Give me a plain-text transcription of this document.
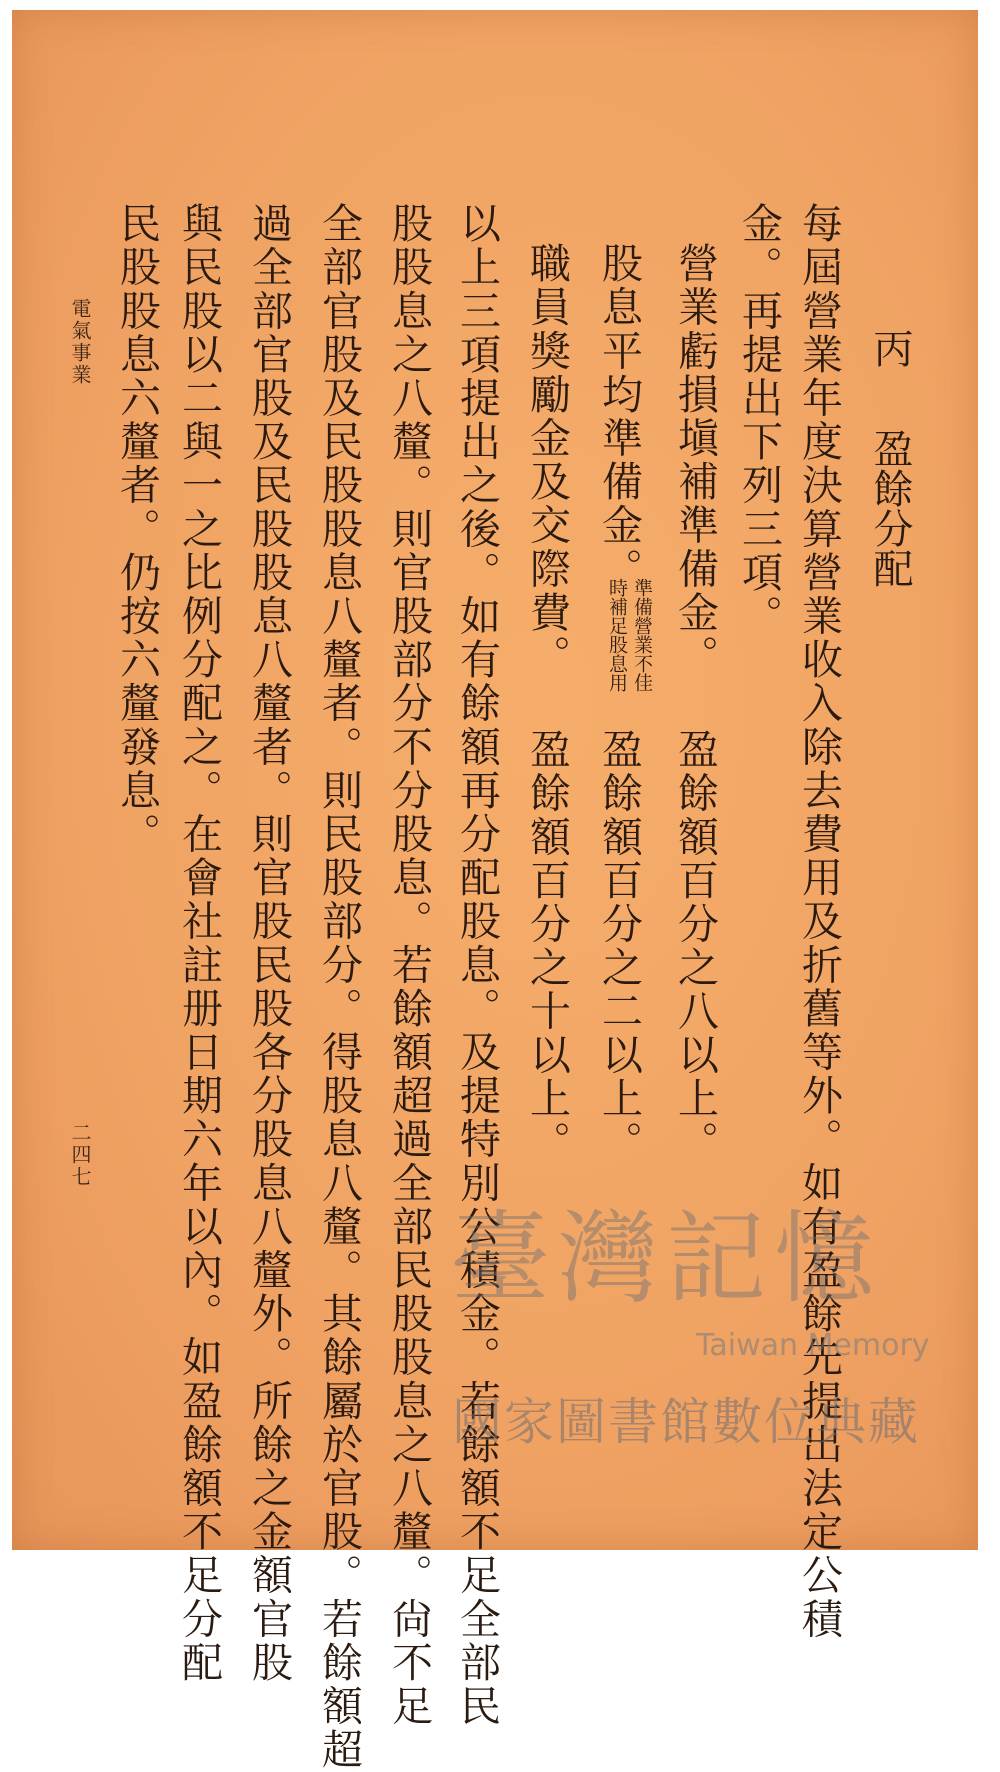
丙盈餘分配
每屆營業年度決算營業收入除去費用及折舊等外。如有盈餘先提出法定公積
金。再提出下列三項。
營業虧損塡補準備金。
盈餘額百分之八以上。
股息平均準備金。
準備營業不佳
時補足股息用
盈餘額百分之二以上。
職員獎勵金及交際費。
盈餘額百分之十以上。
以上三項提出之後。如有餘額再分配股息。及提特別公積金。若餘額不足全部民
股股息之八釐。則官股部分不分股息。若餘額超過全部民股股息之八釐。尙不足
全部官股及民股股息八釐者。則民股部分。得股息八釐。其餘屬於官股。若餘額超
過全部官股及民股股息八釐者。則官股民股各分股息八釐外。所餘之金額官股
與民股以二與一之比例分配之。在會社註册日期六年以內。如盈餘額不足分配
民股股息六釐者。仍按六釐發息。
電氣事業
二四七
臺灣記憶
Taiwan Memory
國家圖書館數位典藏
